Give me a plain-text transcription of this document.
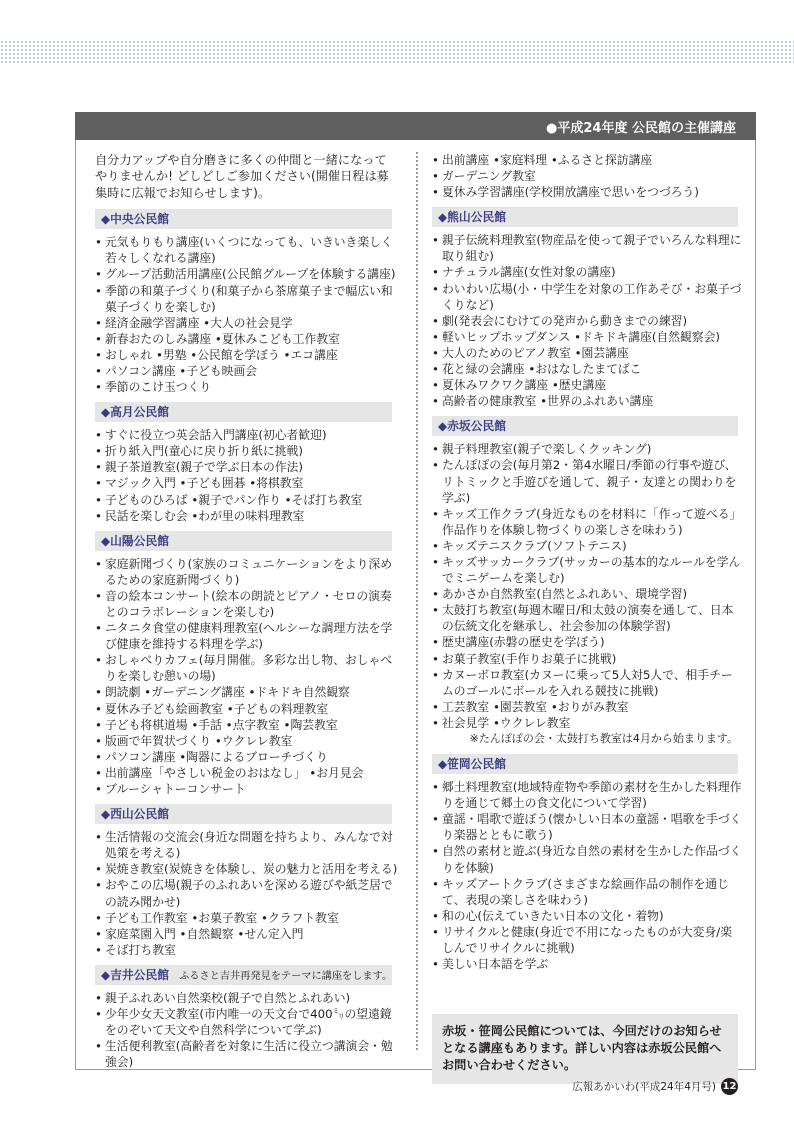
●平成24年度 公民館の主催講座

自分力アップや自分磨きに多くの仲間と一緒になってやりませんか! どしどしご参加ください(開催日程は募集時に広報でお知らせします)。

◆中央公民館
• 元気もりもり講座(いくつになっても、いきいき楽しく若々しくなれる講座)
• グループ活動活用講座(公民館グループを体験する講座)
• 季節の和菓子づくり(和菓子から茶席菓子まで幅広い和菓子づくりを楽しむ)
• 経済金融学習講座 •大人の社会見学
• 新春おたのしみ講座 •夏休みこども工作教室
• おしゃれ •男塾 •公民館を学ぼう •エコ講座
• パソコン講座 •子ども映画会
• 季節のこけ玉つくり
◆高月公民館
• すぐに役立つ英会話入門講座(初心者歓迎)
• 折り紙入門(童心に戻り折り紙に挑戦)
• 親子茶道教室(親子で学ぶ日本の作法)
• マジック入門 •子ども囲碁 •将棋教室
• 子どものひろば •親子でパン作り •そば打ち教室
• 民話を楽しむ会 •わが里の味料理教室
◆山陽公民館
• 家庭新聞づくり(家族のコミュニケーションをより深めるための家庭新聞づくり)
• 音の絵本コンサート(絵本の朗読とピアノ・セロの演奏とのコラボレーションを楽しむ)
• ニタニタ食堂の健康料理教室(ヘルシーな調理方法を学び健康を維持する料理を学ぶ)
• おしゃべりカフェ(毎月開催。多彩な出し物、おしゃべりを楽しむ憩いの場)
• 朗読劇 •ガーデニング講座 •ドキドキ自然観察
• 夏休み子ども絵画教室 •子どもの料理教室
• 子ども将棋道場 •手話 •点字教室 •陶芸教室
• 版画で年賀状づくり •ウクレレ教室
• パソコン講座 •陶器によるブローチづくり
• 出前講座「やさしい税金のおはなし」 •お月見会
• ブルーシャトーコンサート
◆西山公民館
• 生活情報の交流会(身近な問題を持ちより、みんなで対処策を考える)
• 炭焼き教室(炭焼きを体験し、炭の魅力と活用を考える)
• おやこの広場(親子のふれあいを深める遊びや紙芝居での読み聞かせ)
• 子ども工作教室 •お菓子教室 •クラフト教室
• 家庭菜園入門 •自然観察 •せん定入門
• そば打ち教室
◆吉井公民館 ふるさと吉井再発見をテーマに講座をします。
• 親子ふれあい自然楽校(親子で自然とふれあい)
• 少年少女天文教室(市内唯一の天文台で400㍉の望遠鏡をのぞいて天文や自然科学について学ぶ)
• 生活便利教室(高齢者を対象に生活に役立つ講演会・勉強会)
• 出前講座 •家庭料理 •ふるさと探訪講座
• ガーデニング教室
• 夏休み学習講座(学校開放講座で思いをつづろう)
◆熊山公民館
• 親子伝統料理教室(物産品を使って親子でいろんな料理に取り組む)
• ナチュラル講座(女性対象の講座)
• わいわい広場(小・中学生を対象の工作あそび・お菓子づくりなど)
• 劇(発表会にむけての発声から動きまでの練習)
• 軽いヒップホップダンス •ドキドキ講座(自然観察会)
• 大人のためのピアノ教室 •園芸講座
• 花と緑の会講座 •おはなしたまてばこ
• 夏休みワクワク講座 •歴史講座
• 高齢者の健康教室 •世界のふれあい講座
◆赤坂公民館
• 親子料理教室(親子で楽しくクッキング)
• たんぽぽの会(毎月第2・第4水曜日/季節の行事や遊び、リトミックと手遊びを通して、親子・友達との関わりを学ぶ)
• キッズ工作クラブ(身近なものを材料に「作って遊べる」作品作りを体験し物づくりの楽しさを味わう)
• キッズテニスクラブ(ソフトテニス)
• キッズサッカークラブ(サッカーの基本的なルールを学んでミニゲームを楽しむ)
• あかさか自然教室(自然とふれあい、環境学習)
• 太鼓打ち教室(毎週木曜日/和太鼓の演奏を通して、日本の伝統文化を継承し、社会参加の体験学習)
• 歴史講座(赤磐の歴史を学ぼう)
• お菓子教室(手作りお菓子に挑戦)
• カヌーボロ教室(カヌーに乗って5人対5人で、相手チームのゴールにボールを入れる競技に挑戦)
• 工芸教室 •園芸教室 •おりがみ教室
• 社会見学 •ウクレレ教室

※たんぽぽの会・太鼓打ち教室は4月から始まります。

◆笹岡公民館
• 郷土料理教室(地域特産物や季節の素材を生かした料理作りを通じて郷土の食文化について学習)
• 童謡・唱歌で遊ぼう(懐かしい日本の童謡・唱歌を手づくり楽器とともに歌う)
• 自然の素材と遊ぶ(身近な自然の素材を生かした作品づくりを体験)
• キッズアートクラブ(さまざまな絵画作品の制作を通じて、表現の楽しさを味わう)
• 和の心(伝えていきたい日本の文化・着物)
• リサイクルと健康(身近で不用になったものが大変身/楽しんでリサイクルに挑戦)
• 美しい日本語を学ぶ
赤坂・笹岡公民館については、今回だけのお知らせとなる講座もあります。詳しい内容は赤坂公民館へお問い合わせください。
広報あかいわ(平成24年4月号) 12
